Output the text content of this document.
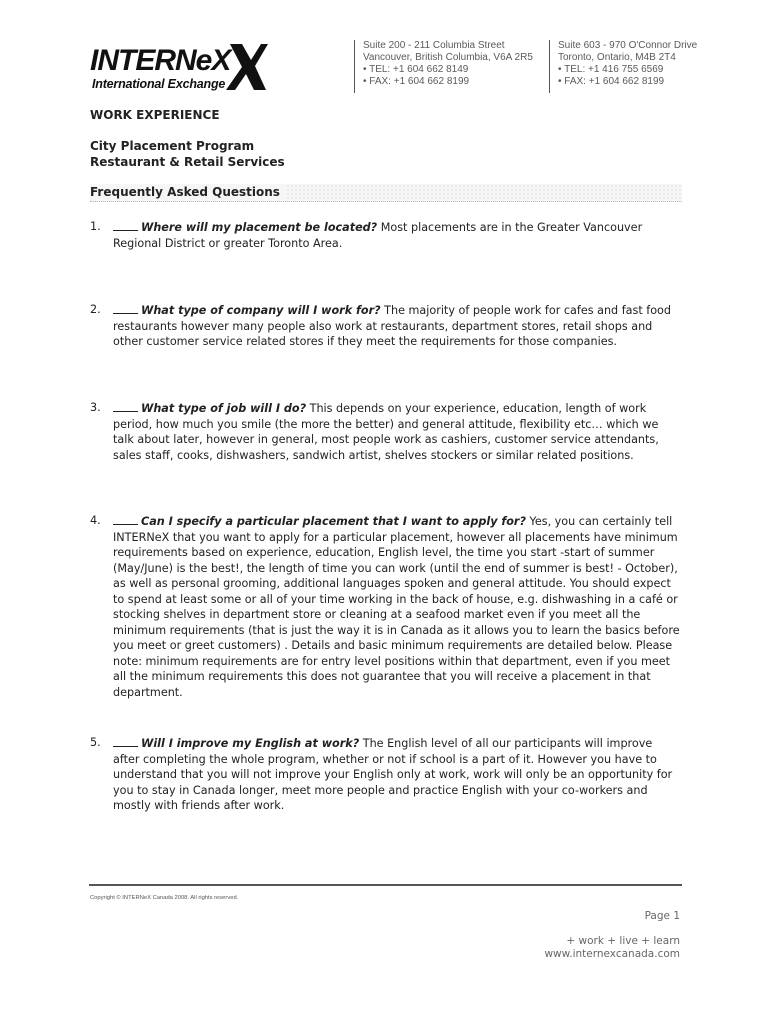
INTERNeX
International Exchange
Suite 200 - 211 Columbia Street
Vancouver, British Columbia, V6A 2R5
• TEL: +1 604 662 8149
• FAX: +1 604 662 8199
Suite 603 - 970 O'Connor Drive
Toronto, Ontario, M4B 2T4
• TEL: +1 416 755 6569
• FAX: +1 604 662 8199
WORK EXPERIENCE
City Placement Program
Restaurant & Retail Services
Frequently Asked Questions
1.	Where will my placement be located? Most placements are in the Greater Vancouver Regional District or greater Toronto Area.
2.	What type of company will I work for? The majority of people work for cafes and fast food restaurants however many people also work at restaurants, department stores, retail shops and other customer service related stores if they meet the requirements for those companies.
3.	What type of job will I do? This depends on your experience, education, length of work period, how much you smile (the more the better) and general attitude, flexibility etc… which we talk about later, however in general, most people work as cashiers, customer service attendants, sales staff, cooks, dishwashers, sandwich artist, shelves stockers or similar related positions.
4.	Can I specify a particular placement that I want to apply for? Yes, you can certainly tell INTERNeX that you want to apply for a particular placement, however all placements have minimum requirements based on experience, education, English level, the time you start -start of summer (May/June) is the best!, the length of time you can work (until the end of summer is best! - October), as well as personal grooming, additional languages spoken and general attitude. You should expect to spend at least some or all of your time working in the back of house, e.g. dishwashing in a café or stocking shelves in department store or cleaning at a seafood market even if you meet all the minimum requirements (that is just the way it is in Canada as it allows you to learn the basics before you meet or greet customers) . Details and basic minimum requirements are detailed below. Please note: minimum requirements are for entry level positions within that department, even if you meet all the minimum requirements this does not guarantee that you will receive a placement in that department.
5.	Will I improve my English at work? The English level of all our participants will improve after completing the whole program, whether or not if school is a part of it. However you have to understand that you will not improve your English only at work, work will only be an opportunity for you to stay in Canada longer, meet more people and practice English with your co-workers and mostly with friends after work.
Copyright © INTERNeX Canada 2008. All rights reserved.
Page 1
+ work + live + learn
www.internexcanada.com
